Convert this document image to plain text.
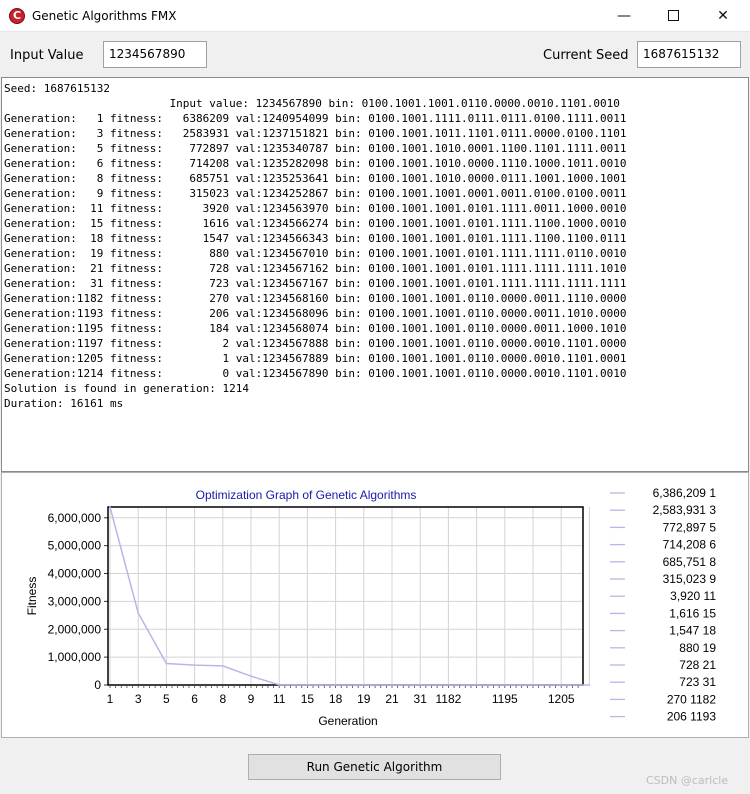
C Genetic Algorithms FMX	—	✕
Input Value	1234567890	Current Seed	1687615132
Seed: 1687615132
Input value: 1234567890 bin: 0100.1001.1001.0110.0000.0010.1101.0010
Generation:   1 fitness:   6386209 val:1240954099 bin: 0100.1001.1111.0111.0111.0100.1111.0011
Generation:   3 fitness:   2583931 val:1237151821 bin: 0100.1001.1011.1101.0111.0000.0100.1101
Generation:   5 fitness:    772897 val:1235340787 bin: 0100.1001.1010.0001.1100.1101.1111.0011
Generation:   6 fitness:    714208 val:1235282098 bin: 0100.1001.1010.0000.1110.1000.1011.0010
Generation:   8 fitness:    685751 val:1235253641 bin: 0100.1001.1010.0000.0111.1001.1000.1001
Generation:   9 fitness:    315023 val:1234252867 bin: 0100.1001.1001.0001.0011.0100.0100.0011
Generation:  11 fitness:      3920 val:1234563970 bin: 0100.1001.1001.0101.1111.0011.1000.0010
Generation:  15 fitness:      1616 val:1234566274 bin: 0100.1001.1001.0101.1111.1100.1000.0010
Generation:  18 fitness:      1547 val:1234566343 bin: 0100.1001.1001.0101.1111.1100.1100.0111
Generation:  19 fitness:       880 val:1234567010 bin: 0100.1001.1001.0101.1111.1111.0110.0010
Generation:  21 fitness:       728 val:1234567162 bin: 0100.1001.1001.0101.1111.1111.1111.1010
Generation:  31 fitness:       723 val:1234567167 bin: 0100.1001.1001.0101.1111.1111.1111.1111
Generation:1182 fitness:       270 val:1234568160 bin: 0100.1001.1001.0110.0000.0011.1110.0000
Generation:1193 fitness:       206 val:1234568096 bin: 0100.1001.1001.0110.0000.0011.1010.0000
Generation:1195 fitness:       184 val:1234568074 bin: 0100.1001.1001.0110.0000.0011.1000.1010
Generation:1197 fitness:         2 val:1234567888 bin: 0100.1001.1001.0110.0000.0010.1101.0000
Generation:1205 fitness:         1 val:1234567889 bin: 0100.1001.1001.0110.0000.0010.1101.0001
Generation:1214 fitness:         0 val:1234567890 bin: 0100.1001.1001.0110.0000.0010.1101.0010
Solution is found in generation: 1214
Duration: 16161 ms
Optimization Graph of Genetic Algorithms
0
1,000,000
2,000,000
3,000,000
4,000,000
5,000,000
6,000,000
1 3 5 6 8 9 11 15 18 19 21 31 1182	1195	1205
Generation
Fitness
6,386,209 1
2,583,931 3
772,897 5
714,208 6
685,751 8
315,023 9
3,920 11
1,616 15
1,547 18
880 19
728 21
723 31
270 1182
206 1193
Run Genetic Algorithm
CSDN @carlcle
